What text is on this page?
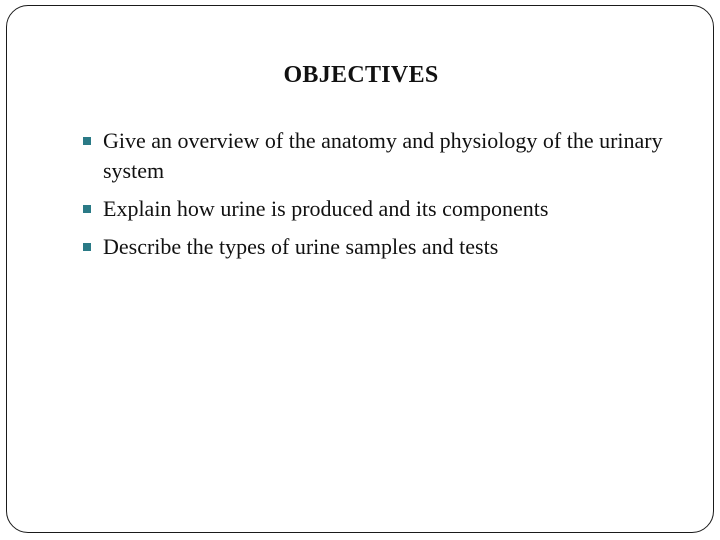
OBJECTIVES
Give an overview of the anatomy and physiology of the urinary system
Explain how urine is produced and its components
Describe the types of urine samples and tests
